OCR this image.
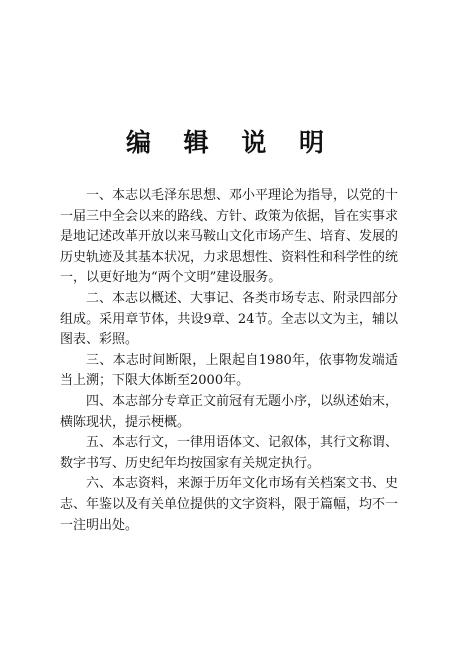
编 辑 说 明

一、本志以毛泽东思想、邓小平理论为指导，以党的十一届三中全会以来的路线、方针、政策为依据，旨在实事求是地记述改革开放以来马鞍山文化市场产生、培育、发展的历史轨迹及其基本状况，力求思想性、资料性和科学性的统一，以更好地为“两个文明”建设服务。

二、本志以概述、大事记、各类市场专志、附录四部分组成。采用章节体，共设9章、24节。全志以文为主，辅以图表、彩照。

三、本志时间断限，上限起自1980年，依事物发端适当上溯；下限大体断至2000年。

四、本志部分专章正文前冠有无题小序，以纵述始末，横陈现状，提示梗概。

五、本志行文，一律用语体文、记叙体，其行文称谓、数字书写、历史纪年均按国家有关规定执行。

六、本志资料，来源于历年文化市场有关档案文书、史志、年鉴以及有关单位提供的文字资料，限于篇幅，均不一一注明出处。
